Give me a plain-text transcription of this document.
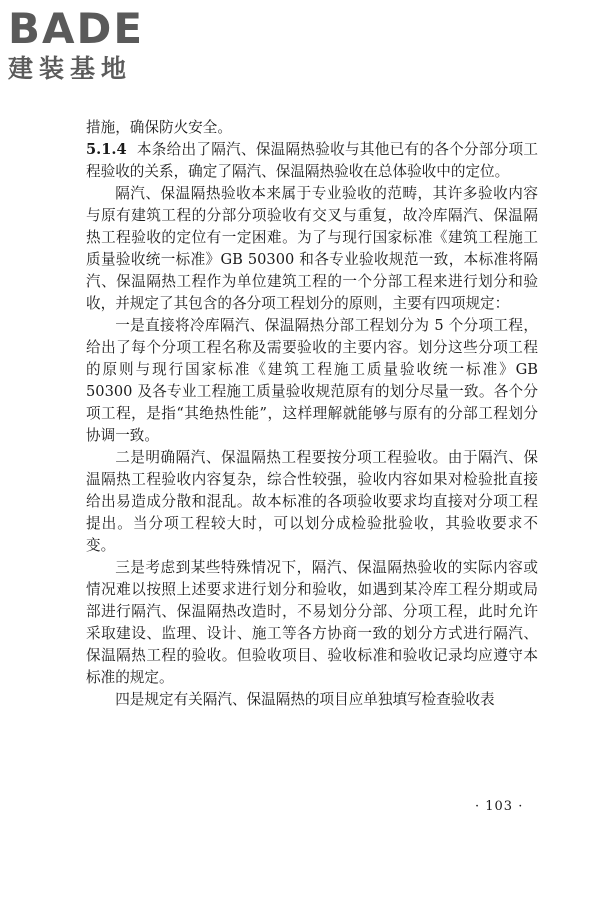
BADE
建装基地

措施，确保防火安全。

5.1.4 本条给出了隔汽、保温隔热验收与其他已有的各个分部分项工程验收的关系，确定了隔汽、保温隔热验收在总体验收中的定位。

隔汽、保温隔热验收本来属于专业验收的范畴，其许多验收内容与原有建筑工程的分部分项验收有交叉与重复，故冷库隔汽、保温隔热工程验收的定位有一定困难。为了与现行国家标准《建筑工程施工质量验收统一标准》GB 50300 和各专业验收规范一致，本标准将隔汽、保温隔热工程作为单位建筑工程的一个分部工程来进行划分和验收，并规定了其包含的各分项工程划分的原则，主要有四项规定：

一是直接将冷库隔汽、保温隔热分部工程划分为 5 个分项工程，给出了每个分项工程名称及需要验收的主要内容。划分这些分项工程的原则与现行国家标准《建筑工程施工质量验收统一标准》GB 50300 及各专业工程施工质量验收规范原有的划分尽量一致。各个分项工程，是指“其绝热性能”，这样理解就能够与原有的分部工程划分协调一致。

二是明确隔汽、保温隔热工程要按分项工程验收。由于隔汽、保温隔热工程验收内容复杂，综合性较强，验收内容如果对检验批直接给出易造成分散和混乱。故本标准的各项验收要求均直接对分项工程提出。当分项工程较大时，可以划分成检验批验收，其验收要求不变。

三是考虑到某些特殊情况下，隔汽、保温隔热验收的实际内容或情况难以按照上述要求进行划分和验收，如遇到某冷库工程分期或局部进行隔汽、保温隔热改造时，不易划分分部、分项工程，此时允许采取建设、监理、设计、施工等各方协商一致的划分方式进行隔汽、保温隔热工程的验收。但验收项目、验收标准和验收记录均应遵守本标准的规定。

四是规定有关隔汽、保温隔热的项目应单独填写检查验收表

· 103 ·
